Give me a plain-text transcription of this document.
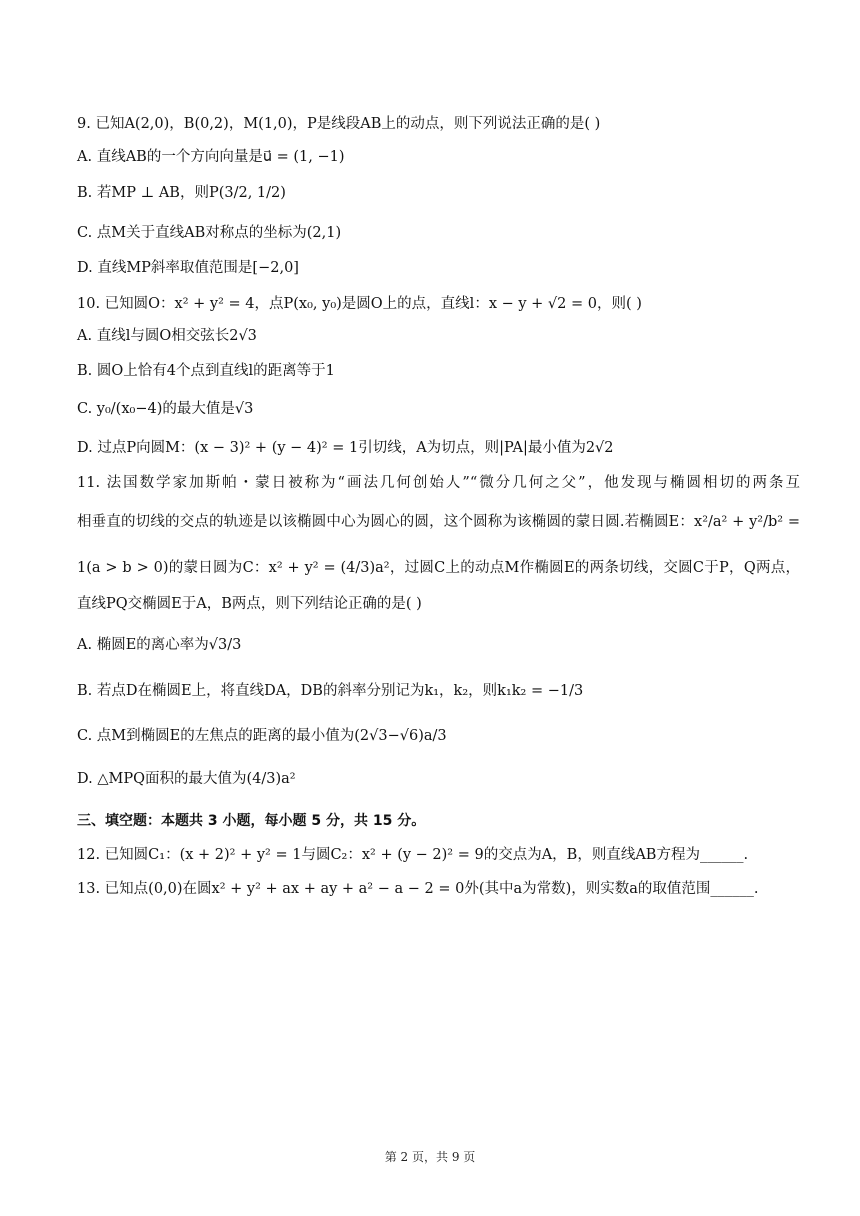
9. 已知A(2,0)，B(0,2)，M(1,0)，P是线段AB上的动点，则下列说法正确的是( )
A. 直线AB的一个方向向量是u⃗ = (1, −1)
B. 若MP ⊥ AB，则P(3/2, 1/2)
C. 点M关于直线AB对称点的坐标为(2,1)
D. 直线MP斜率取值范围是[−2,0]
10. 已知圆O：x² + y² = 4，点P(x₀, y₀)是圆O上的点，直线l：x − y + √2 = 0，则( )
A. 直线l与圆O相交弦长2√3
B. 圆O上恰有4个点到直线l的距离等于1
C. y₀/(x₀−4)的最大值是√3
D. 过点P向圆M：(x − 3)² + (y − 4)² = 1引切线，A为切点，则|PA|最小值为2√2
11. 法国数学家加斯帕・蒙日被称为“画法几何创始人”“微分几何之父”，他发现与椭圆相切的两条互
相垂直的切线的交点的轨迹是以该椭圆中心为圆心的圆，这个圆称为该椭圆的蒙日圆.若椭圆E：x²/a² + y²/b² =
1(a > b > 0)的蒙日圆为C：x² + y² = (4/3)a²，过圆C上的动点M作椭圆E的两条切线，交圆C于P，Q两点，
直线PQ交椭圆E于A，B两点，则下列结论正确的是( )
A. 椭圆E的离心率为√3/3
B. 若点D在椭圆E上，将直线DA，DB的斜率分别记为k₁，k₂，则k₁k₂ = −1/3
C. 点M到椭圆E的左焦点的距离的最小值为(2√3−√6)a/3
D. △MPQ面积的最大值为(4/3)a²
三、填空题：本题共 3 小题，每小题 5 分，共 15 分。
12. 已知圆C₁：(x + 2)² + y² = 1与圆C₂：x² + (y − 2)² = 9的交点为A，B，则直线AB方程为______.
13. 已知点(0,0)在圆x² + y² + ax + ay + a² − a − 2 = 0外(其中a为常数)，则实数a的取值范围______.
第 2 页，共 9 页
